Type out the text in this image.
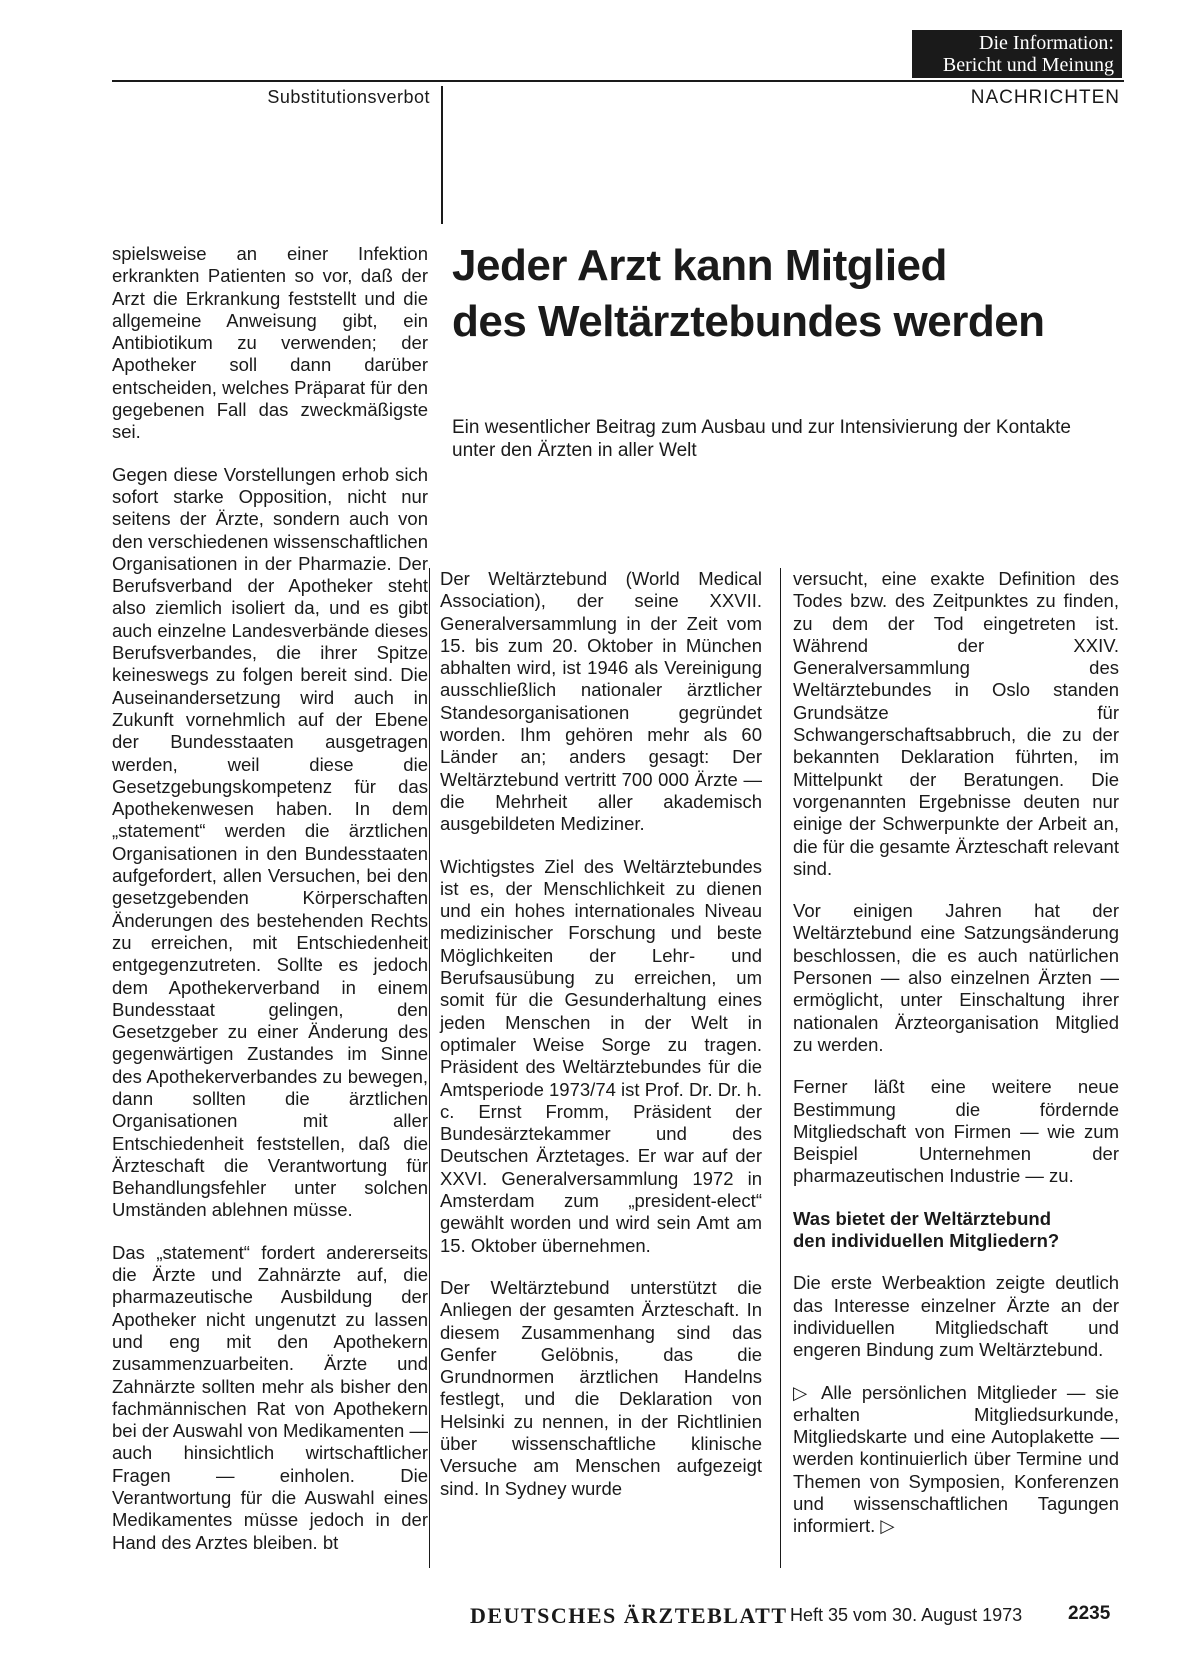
Die Information:
Bericht und Meinung
Substitutionsverbot	NACHRICHTEN
Jeder Arzt kann Mitglied
des Weltärztebundes werden
Ein wesentlicher Beitrag zum Ausbau und zur Intensivierung der Kontakte unter den Ärzten in aller Welt

spielsweise an einer Infektion erkrankten Patienten so vor, daß der Arzt die Erkrankung feststellt und die allgemeine Anweisung gibt, ein Antibiotikum zu verwenden; der Apotheker soll dann darüber entscheiden, welches Präparat für den gegebenen Fall das zweckmäßigste sei.

Gegen diese Vorstellungen erhob sich sofort starke Opposition, nicht nur seitens der Ärzte, sondern auch von den verschiedenen wissenschaftlichen Organisationen in der Pharmazie. Der Berufsverband der Apotheker steht also ziemlich isoliert da, und es gibt auch einzelne Landesverbände dieses Berufsverbandes, die ihrer Spitze keineswegs zu folgen bereit sind. Die Auseinandersetzung wird auch in Zukunft vornehmlich auf der Ebene der Bundesstaaten ausgetragen werden, weil diese die Gesetzgebungskompetenz für das Apothekenwesen haben. In dem „statement“ werden die ärztlichen Organisationen in den Bundesstaaten aufgefordert, allen Versuchen, bei den gesetzgebenden Körperschaften Änderungen des bestehenden Rechts zu erreichen, mit Entschiedenheit entgegenzutreten. Sollte es jedoch dem Apothekerverband in einem Bundesstaat gelingen, den Gesetzgeber zu einer Änderung des gegenwärtigen Zustandes im Sinne des Apothekerverbandes zu bewegen, dann sollten die ärztlichen Organisationen mit aller Entschiedenheit feststellen, daß die Ärzteschaft die Verantwortung für Behandlungsfehler unter solchen Umständen ablehnen müsse.

Das „statement“ fordert andererseits die Ärzte und Zahnärzte auf, die pharmazeutische Ausbildung der Apotheker nicht ungenutzt zu lassen und eng mit den Apothekern zusammenzuarbeiten. Ärzte und Zahnärzte sollten mehr als bisher den fachmännischen Rat von Apothekern bei der Auswahl von Medikamenten — auch hinsichtlich wirtschaftlicher Fragen — einholen. Die Verantwortung für die Auswahl eines Medikamentes müsse jedoch in der Hand des Arztes bleiben. bt

Der Weltärztebund (World Medical Association), der seine XXVII. Generalversammlung in der Zeit vom 15. bis zum 20. Oktober in München abhalten wird, ist 1946 als Vereinigung ausschließlich nationaler ärztlicher Standesorganisationen gegründet worden. Ihm gehören mehr als 60 Länder an; anders gesagt: Der Weltärztebund vertritt 700 000 Ärzte — die Mehrheit aller akademisch ausgebildeten Mediziner.

Wichtigstes Ziel des Weltärztebundes ist es, der Menschlichkeit zu dienen und ein hohes internationales Niveau medizinischer Forschung und beste Möglichkeiten der Lehr- und Berufsausübung zu erreichen, um somit für die Gesunderhaltung eines jeden Menschen in der Welt in optimaler Weise Sorge zu tragen. Präsident des Weltärztebundes für die Amtsperiode 1973/74 ist Prof. Dr. Dr. h. c. Ernst Fromm, Präsident der Bundesärztekammer und des Deutschen Ärztetages. Er war auf der XXVI. Generalversammlung 1972 in Amsterdam zum „president-elect“ gewählt worden und wird sein Amt am 15. Oktober übernehmen.

Der Weltärztebund unterstützt die Anliegen der gesamten Ärzteschaft. In diesem Zusammenhang sind das Genfer Gelöbnis, das die Grundnormen ärztlichen Handelns festlegt, und die Deklaration von Helsinki zu nennen, in der Richtlinien über wissenschaftliche klinische Versuche am Menschen aufgezeigt sind. In Sydney wurde

versucht, eine exakte Definition des Todes bzw. des Zeitpunktes zu finden, zu dem der Tod eingetreten ist. Während der XXIV. Generalversammlung des Weltärztebundes in Oslo standen Grundsätze für Schwangerschaftsabbruch, die zu der bekannten Deklaration führten, im Mittelpunkt der Beratungen. Die vorgenannten Ergebnisse deuten nur einige der Schwerpunkte der Arbeit an, die für die gesamte Ärzteschaft relevant sind.

Vor einigen Jahren hat der Weltärztebund eine Satzungsänderung beschlossen, die es auch natürlichen Personen — also einzelnen Ärzten — ermöglicht, unter Einschaltung ihrer nationalen Ärzteorganisation Mitglied zu werden.

Ferner läßt eine weitere neue Bestimmung die fördernde Mitgliedschaft von Firmen — wie zum Beispiel Unternehmen der pharmazeutischen Industrie — zu.

Was bietet der Weltärztebund
den individuellen Mitgliedern?

Die erste Werbeaktion zeigte deutlich das Interesse einzelner Ärzte an der individuellen Mitgliedschaft und engeren Bindung zum Weltärztebund.

▷ Alle persönlichen Mitglieder — sie erhalten Mitgliedsurkunde, Mitgliedskarte und eine Autoplakette — werden kontinuierlich über Termine und Themen von Symposien, Konferenzen und wissenschaftlichen Tagungen informiert. ▷

DEUTSCHES ÄRZTEBLATT Heft 35 vom 30. August 1973 2235
